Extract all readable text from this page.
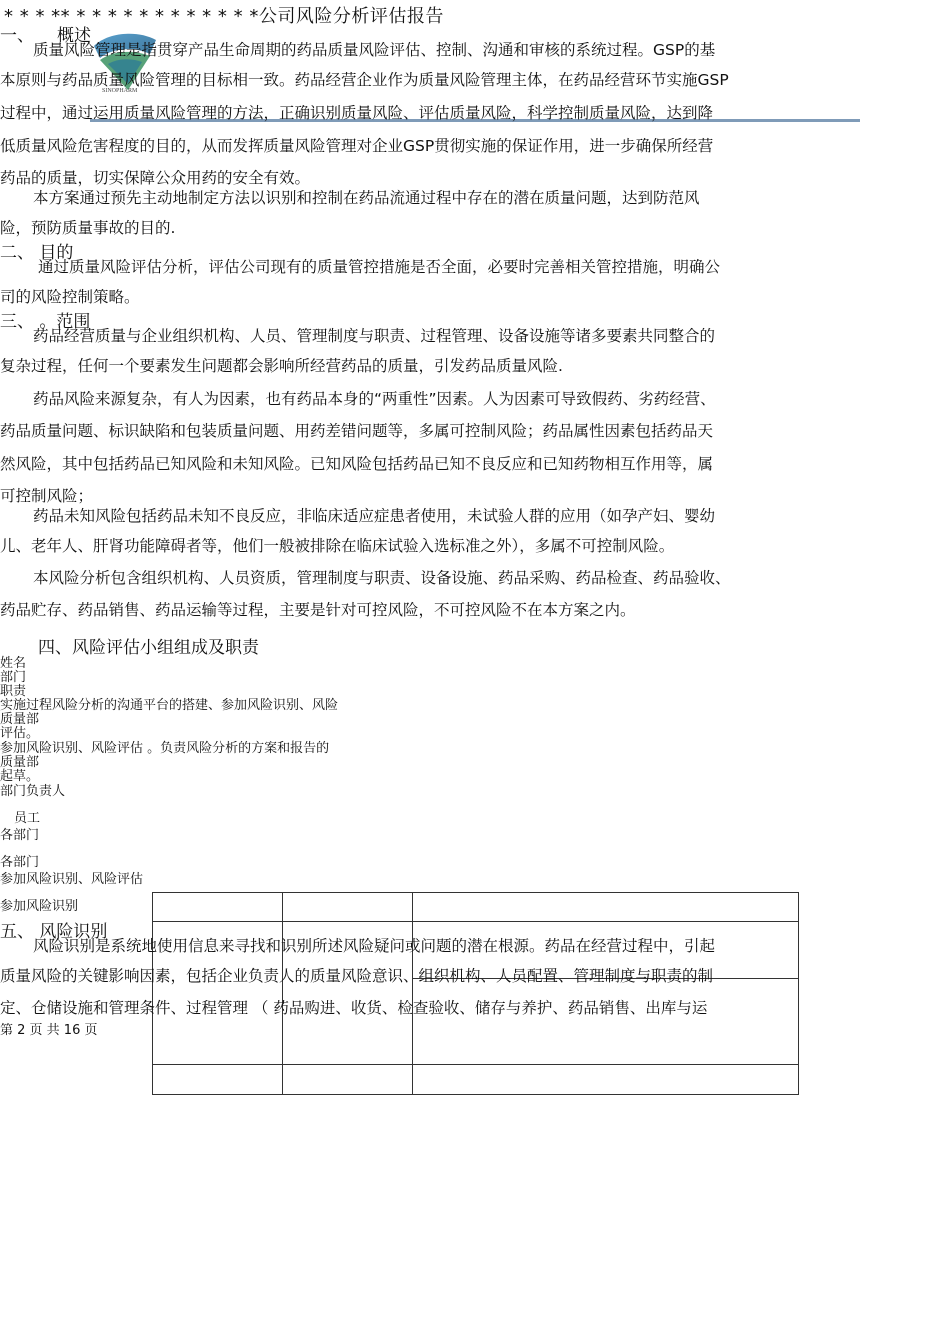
* * * ** * * * * * * * * * * * *公司风险分析评估报告
SINOPHARM
一、 概述
质量风险管理是指贯穿产品生命周期的药品质量风险评估、控制、沟通和审核的系统过程。GSP的基
本原则与药品质量风险管理的目标相一致。药品经营企业作为质量风险管理主体，在药品经营环节实施GSP
过程中，通过运用质量风险管理的方法，正确识别质量风险、评估质量风险，科学控制质量风险，达到降
低质量风险危害程度的目的，从而发挥质量风险管理对企业GSP贯彻实施的保证作用，进一步确保所经营
药品的质量，切实保障公众用药的安全有效。
本方案通过预先主动地制定方法以识别和控制在药品流通过程中存在的潜在质量问题，达到防范风
险，预防质量事故的目的.
二、 目的
通过质量风险评估分析，评估公司现有的质量管控措施是否全面，必要时完善相关管控措施，明确公
司的风险控制策略。
三、 。范围
药品经营质量与企业组织机构、人员、管理制度与职责、过程管理、设备设施等诸多要素共同整合的
复杂过程，任何一个要素发生问题都会影响所经营药品的质量，引发药品质量风险.
药品风险来源复杂，有人为因素，也有药品本身的“两重性”因素。人为因素可导致假药、劣药经营、
药品质量问题、标识缺陷和包装质量问题、用药差错问题等，多属可控制风险；药品属性因素包括药品天
然风险，其中包括药品已知风险和未知风险。已知风险包括药品已知不良反应和已知药物相互作用等，属
可控制风险；
药品未知风险包括药品未知不良反应，非临床适应症患者使用，未试验人群的应用（如孕产妇、婴幼
儿、老年人、肝肾功能障碍者等，他们一般被排除在临床试验入选标准之外），多属不可控制风险。
本风险分析包含组织机构、人员资质，管理制度与职责、设备设施、药品采购、药品检查、药品验收、
药品贮存、药品销售、药品运输等过程，主要是针对可控风险，不可控风险不在本方案之内。
四、风险评估小组组成及职责
姓名
部门
职责
实施过程风险分析的沟通平台的搭建、参加风险识别、风险
质量部
评估。
参加风险识别、风险评估 。负责风险分析的方案和报告的
质量部
起草。
部门负责人
员工
各部门
各部门
参加风险识别、风险评估
参加风险识别
五、 风险识别
风险识别是系统地使用信息来寻找和识别所述风险疑问或问题的潜在根源。药品在经营过程中，引起
质量风险的关键影响因素，包括企业负责人的质量风险意识、组织机构、人员配置、管理制度与职责的制
定、仓储设施和管理条件、过程管理 （ 药品购进、收货、检查验收、储存与养护、药品销售、出库与运
第 2 页 共 16 页
